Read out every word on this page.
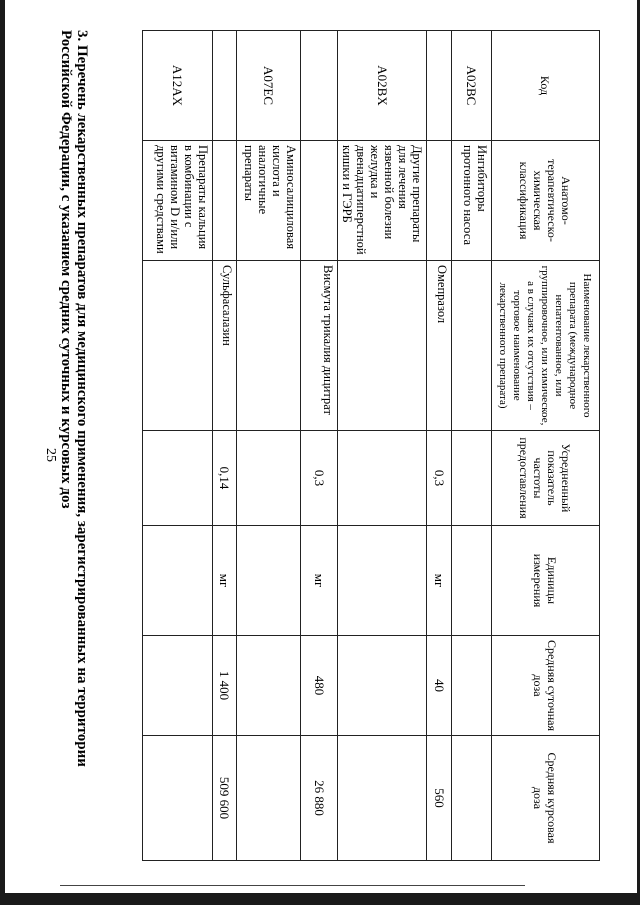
25 3. Перечень лекарственных препаратов для медицинского применения, зарегистрированных на территории
Российской Федерации, с указанием средних суточных и курсовых доз	Код	Анатомо-терапевтическо-химическая классификация	Наименование лекарственного препарата (международное непатентованное, или группировочное, или химическое, а в случаях их отсутствия – торговое наименование лекарственного препарата)	Усредненный показатель частоты предоставления	Единицы измерения	Средняя суточная доза	Средняя курсовая доза
A02BC	Ингибиторы протонного насоса					
		Омепразол	0,3	мг	40	560
A02BX	Другие препараты для лечения язвенной болезни желудка и двенадцатиперстной кишки и ГЭРБ					
		Висмута трикалия дицитрат	0,3	мг	480	26 880
A07EC	Аминосалициловая кислота и аналогичные препараты					
		Сульфасалазин	0,14	мг	1 400	509 600
A12AX	Препараты кальция в комбинации с витамином D и/или другими средствами					
